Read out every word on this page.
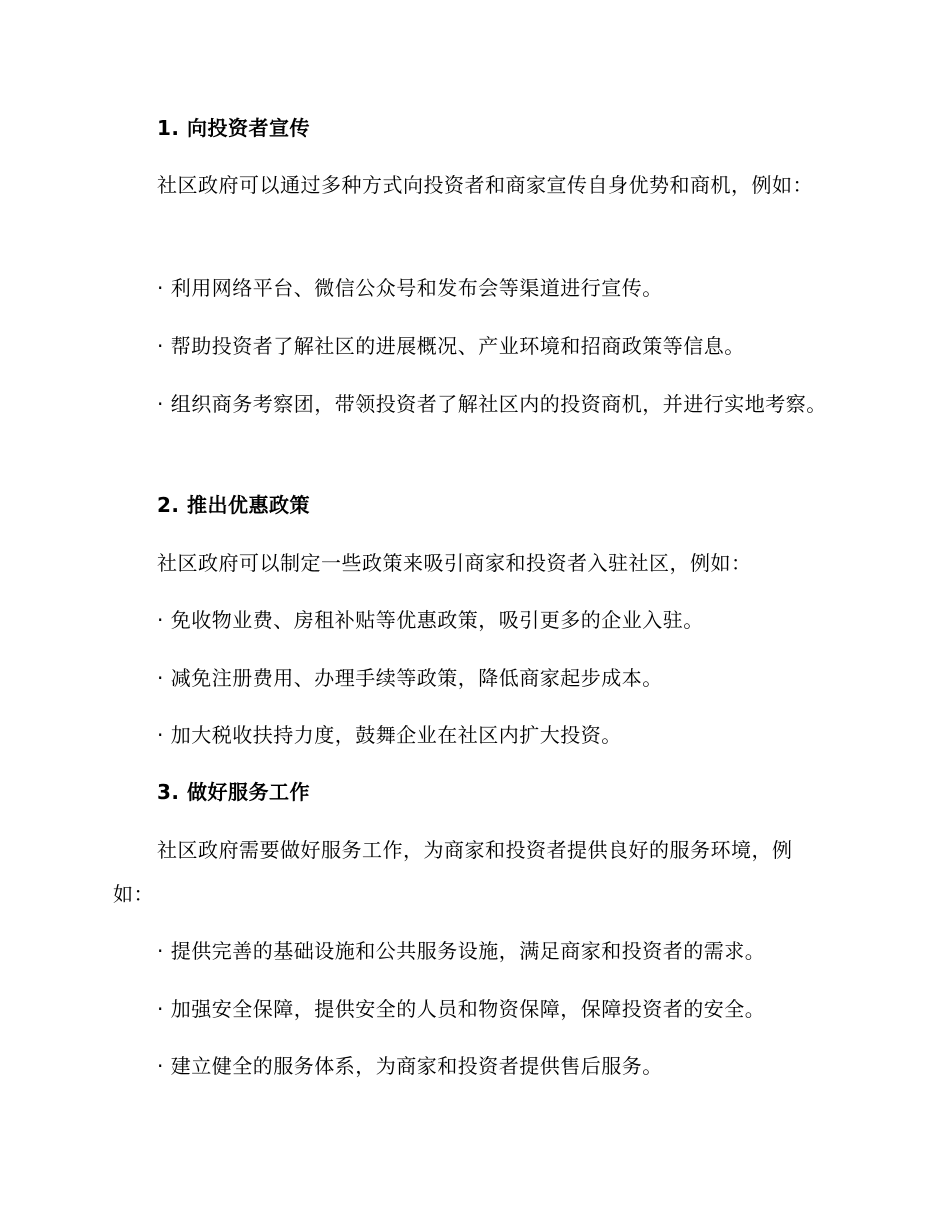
1. 向投资者宣传

社区政府可以通过多种方式向投资者和商家宣传自身优势和商机，例如：

· 利用网络平台、微信公众号和发布会等渠道进行宣传。

· 帮助投资者了解社区的进展概况、产业环境和招商政策等信息。

· 组织商务考察团，带领投资者了解社区内的投资商机，并进行实地考察。

2. 推出优惠政策

社区政府可以制定一些政策来吸引商家和投资者入驻社区，例如：

· 免收物业费、房租补贴等优惠政策，吸引更多的企业入驻。

· 减免注册费用、办理手续等政策，降低商家起步成本。

· 加大税收扶持力度，鼓舞企业在社区内扩大投资。

3. 做好服务工作

社区政府需要做好服务工作，为商家和投资者提供良好的服务环境，例如：

· 提供完善的基础设施和公共服务设施，满足商家和投资者的需求。

· 加强安全保障，提供安全的人员和物资保障，保障投资者的安全。

· 建立健全的服务体系，为商家和投资者提供售后服务。
